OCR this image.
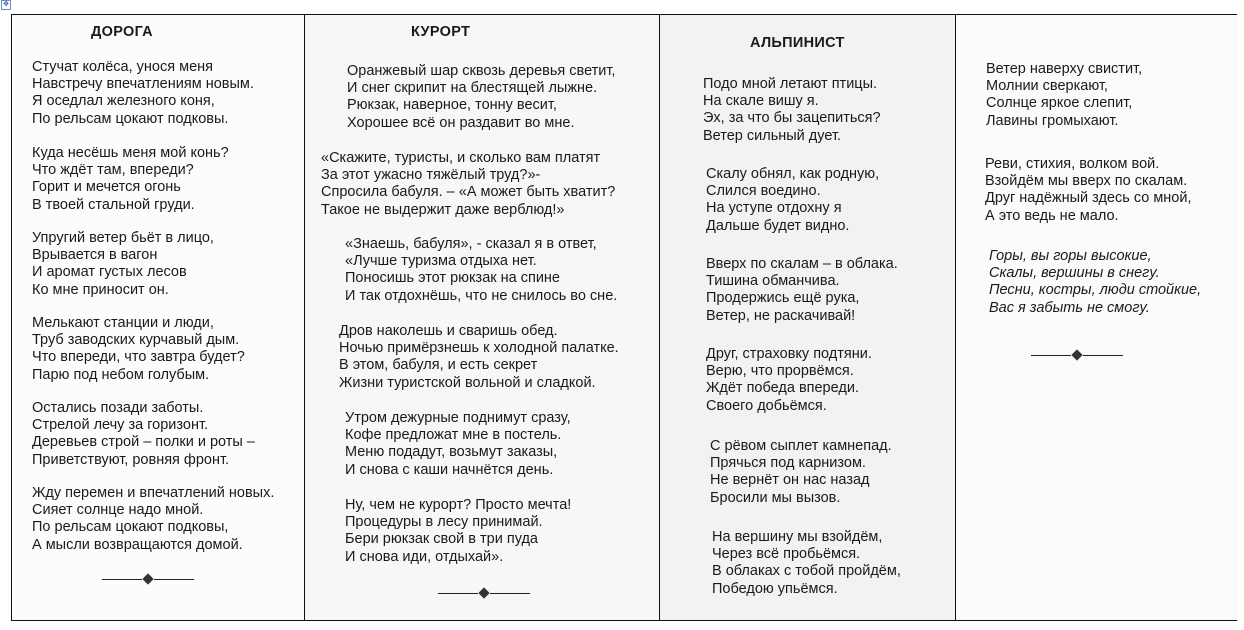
✥
ДОРОГА
Стучат колёса, унося меня
Навстречу впечатлениям новым.
Я оседлал железного коня,
По рельсам цокают подковы.
Куда несёшь меня мой конь?
Что ждёт там, впереди?
Горит и мечется огонь
В твоей стальной груди.
Упругий ветер бьёт в лицо,
Врывается в вагон
И аромат густых лесов
Ко мне приносит он.
Мелькают станции и люди,
Труб заводских курчавый дым.
Что впереди, что завтра будет?
Парю под небом голубым.
Остались позади заботы.
Стрелой лечу за горизонт.
Деревьев строй – полки и роты –
Приветствуют, ровняя фронт.
Жду перемен и впечатлений новых.
Сияет солнце надо мной.
По рельсам цокают подковы,
А мысли возвращаются домой.
КУРОРТ
Оранжевый шар сквозь деревья светит,
И снег скрипит на блестящей лыжне.
Рюкзак, наверное, тонну весит,
Хорошее всё он раздавит во мне.
«Скажите, туристы, и сколько вам платят
За этот ужасно тяжёлый труд?»-
Спросила бабуля. – «А может быть хватит?
Такое не выдержит даже верблюд!»
«Знаешь, бабуля», - сказал я в ответ,
«Лучше туризма отдыха нет.
Поносишь этот рюкзак на спине
И так отдохнёшь, что не снилось во сне.
Дров наколешь и сваришь обед.
Ночью примёрзнешь к холодной палатке.
В этом, бабуля, и есть секрет
Жизни туристской вольной и сладкой.
Утром дежурные поднимут сразу,
Кофе предложат мне в постель.
Меню подадут, возьмут заказы,
И снова с каши начнётся день.
Ну, чем не курорт? Просто мечта!
Процедуры в лесу принимай.
Бери рюкзак свой в три пуда
И снова иди, отдыхай».
АЛЬПИНИСТ
Подо мной летают птицы.
На скале вишу я.
Эх, за что бы зацепиться?
Ветер сильный дует.
Скалу обнял, как родную,
Слился воедино.
На уступе отдохну я
Дальше будет видно.
Вверх по скалам – в облака.
Тишина обманчива.
Продержись ещё рука,
Ветер, не раскачивай!
Друг, страховку подтяни.
Верю, что прорвёмся.
Ждёт победа впереди.
Своего добьёмся.
С рёвом сыплет камнепад.
Прячься под карнизом.
Не вернёт он нас назад
Бросили мы вызов.
На вершину мы взойдём,
Через всё пробьёмся.
В облаках с тобой пройдём,
Победою упьёмся.
Ветер наверху свистит,
Молнии сверкают,
Солнце яркое слепит,
Лавины громыхают.
Реви, стихия, волком вой.
Взойдём мы вверх по скалам.
Друг надёжный здесь со мной,
А это ведь не мало.
Горы, вы горы высокие,
Скалы, вершины в снегу.
Песни, костры, люди стойкие,
Вас я забыть не смогу.
